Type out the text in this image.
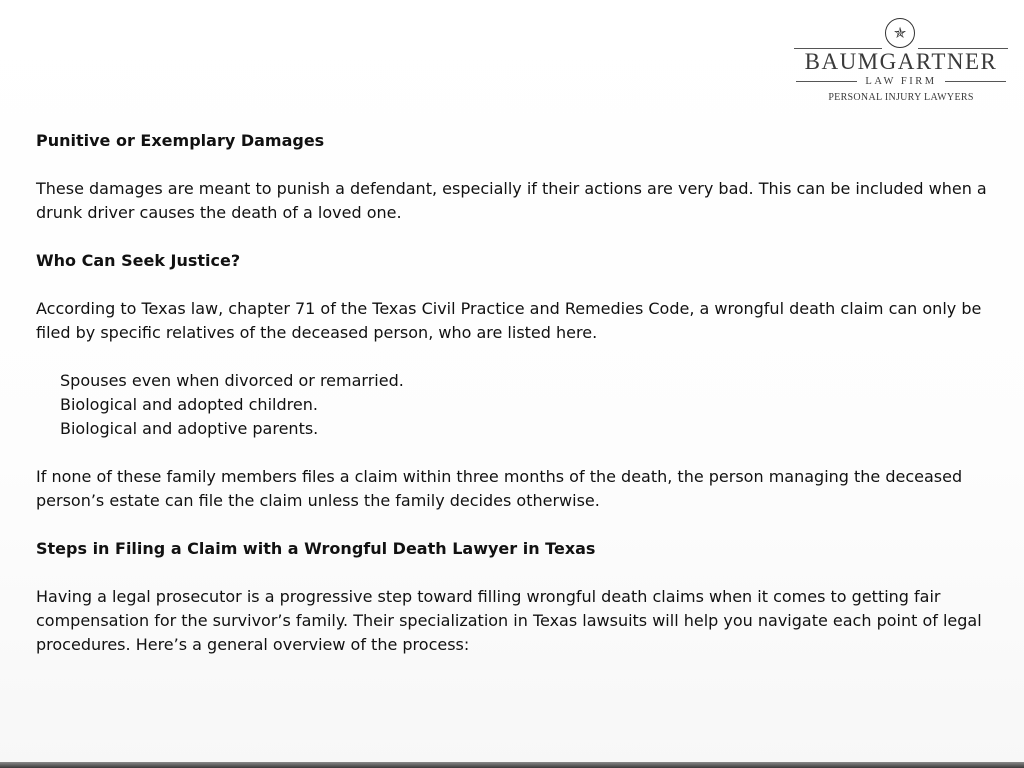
✯
BAUMGARTNER
LAW FIRM
PERSONAL INJURY LAWYERS

Punitive or Exemplary Damages

These damages are meant to punish a defendant, especially if their actions are very bad. This can be included when a drunk driver causes the death of a loved one.

Who Can Seek Justice?

According to Texas law, chapter 71 of the Texas Civil Practice and Remedies Code, a wrongful death claim can only be filed by specific relatives of the deceased person, who are listed here.

Spouses even when divorced or remarried.
Biological and adopted children.
Biological and adoptive parents.

If none of these family members files a claim within three months of the death, the person managing the deceased person’s estate can file the claim unless the family decides otherwise.

Steps in Filing a Claim with a Wrongful Death Lawyer in Texas

Having a legal prosecutor is a progressive step toward filling wrongful death claims when it comes to getting fair compensation for the survivor’s family. Their specialization in Texas lawsuits will help you navigate each point of legal procedures. Here’s a general overview of the process:
